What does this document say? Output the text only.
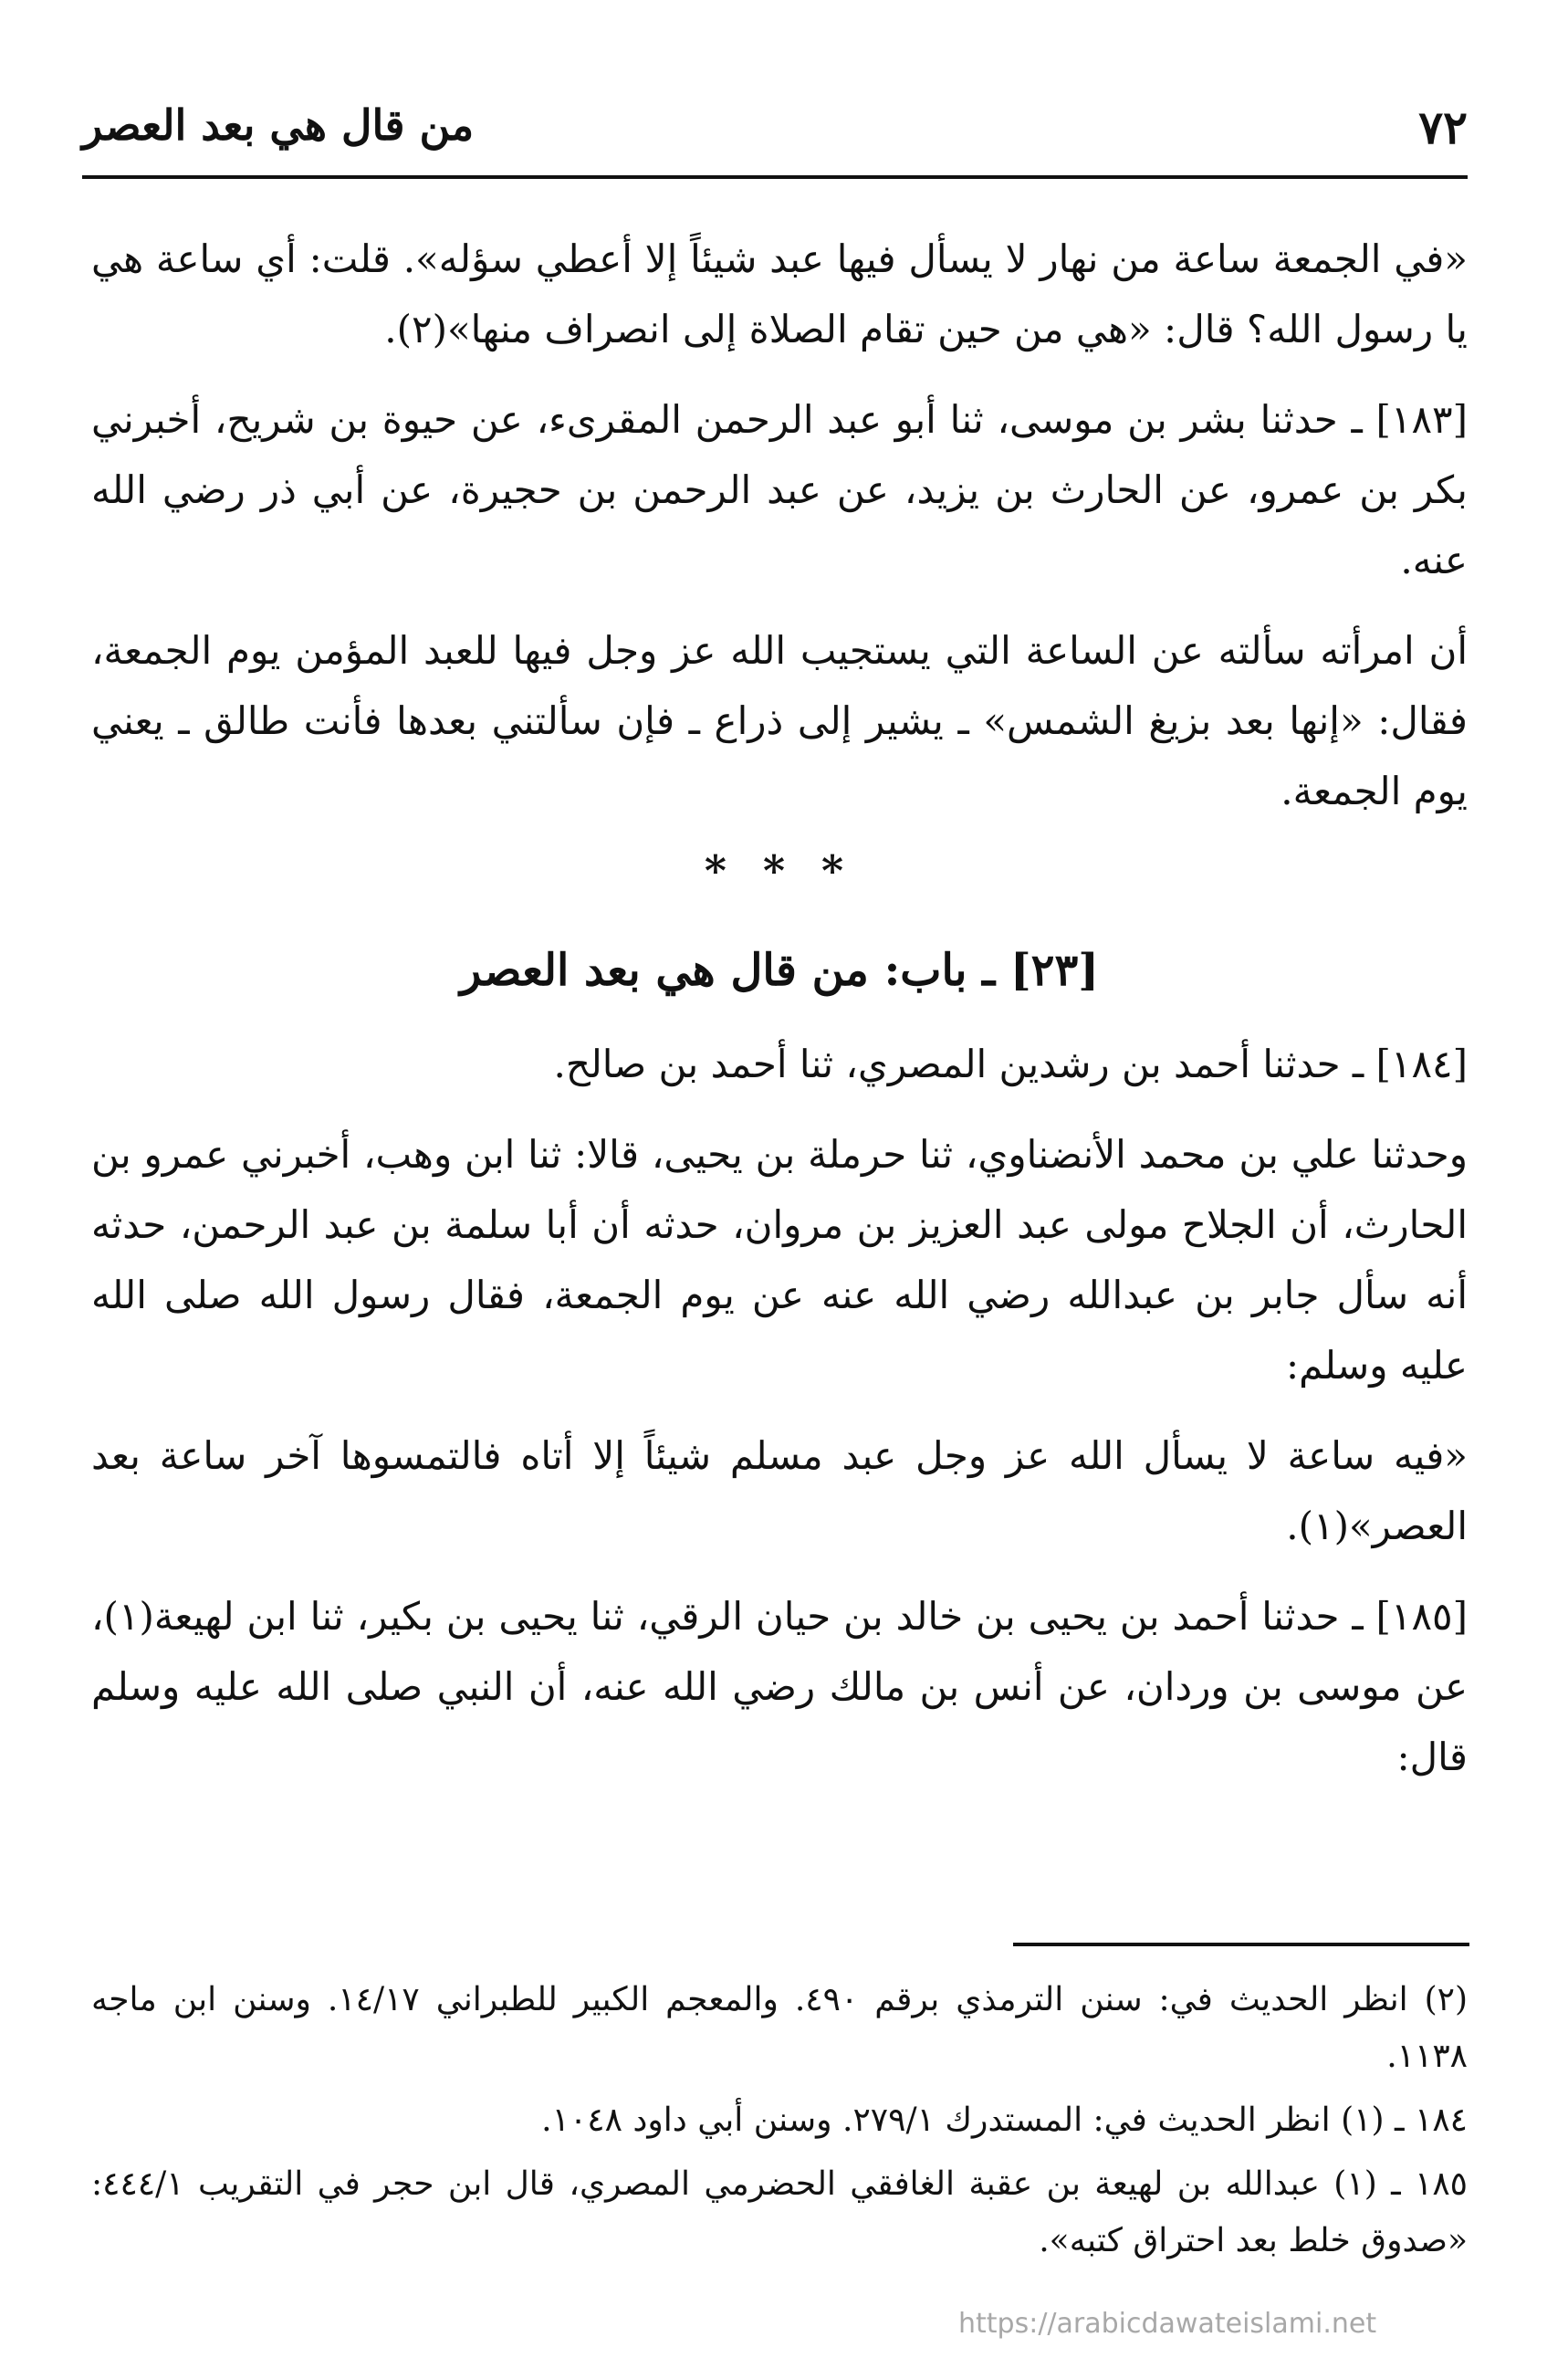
٧٢
من قال هي بعد العصر

«في الجمعة ساعة من نهار لا يسأل فيها عبد شيئاً إلا أعطي سؤله». قلت: أي ساعة هي يا رسول الله؟ قال: «هي من حين تقام الصلاة إلى انصراف منها»(٢).

[١٨٣] ـ حدثنا بشر بن موسى، ثنا أبو عبد الرحمن المقرىء، عن حيوة بن شريح، أخبرني بكر بن عمرو، عن الحارث بن يزيد، عن عبد الرحمن بن حجيرة، عن أبي ذر رضي الله عنه.

أن امرأته سألته عن الساعة التي يستجيب الله عز وجل فيها للعبد المؤمن يوم الجمعة، فقال: «إنها بعد بزيغ الشمس» ـ يشير إلى ذراع ـ فإن سألتني بعدها فأنت طالق ـ يعني يوم الجمعة.

* * *
[٢٣] ـ باب: من قال هي بعد العصر

[١٨٤] ـ حدثنا أحمد بن رشدين المصري، ثنا أحمد بن صالح.

وحدثنا علي بن محمد الأنضناوي، ثنا حرملة بن يحيى، قالا: ثنا ابن وهب، أخبرني عمرو بن الحارث، أن الجلاح مولى عبد العزيز بن مروان، حدثه أن أبا سلمة بن عبد الرحمن، حدثه أنه سأل جابر بن عبدالله رضي الله عنه عن يوم الجمعة، فقال رسول الله صلى الله عليه وسلم:

«فيه ساعة لا يسأل الله عز وجل عبد مسلم شيئاً إلا أتاه فالتمسوها آخر ساعة بعد العصر»(١).

[١٨٥] ـ حدثنا أحمد بن يحيى بن خالد بن حيان الرقي، ثنا يحيى بن بكير، ثنا ابن لهيعة(١)، عن موسى بن وردان، عن أنس بن مالك رضي الله عنه، أن النبي صلى الله عليه وسلم قال:

(٢) انظر الحديث في: سنن الترمذي برقم ٤٩٠. والمعجم الكبير للطبراني ١٤/١٧. وسنن ابن ماجه ١١٣٨.

١٨٤ ـ (١) انظر الحديث في: المستدرك ٢٧٩/١. وسنن أبي داود ١٠٤٨.

١٨٥ ـ (١) عبدالله بن لهيعة بن عقبة الغافقي الحضرمي المصري، قال ابن حجر في التقريب ٤٤٤/١: «صدوق خلط بعد احتراق كتبه».

https://arabicdawateislami.net
